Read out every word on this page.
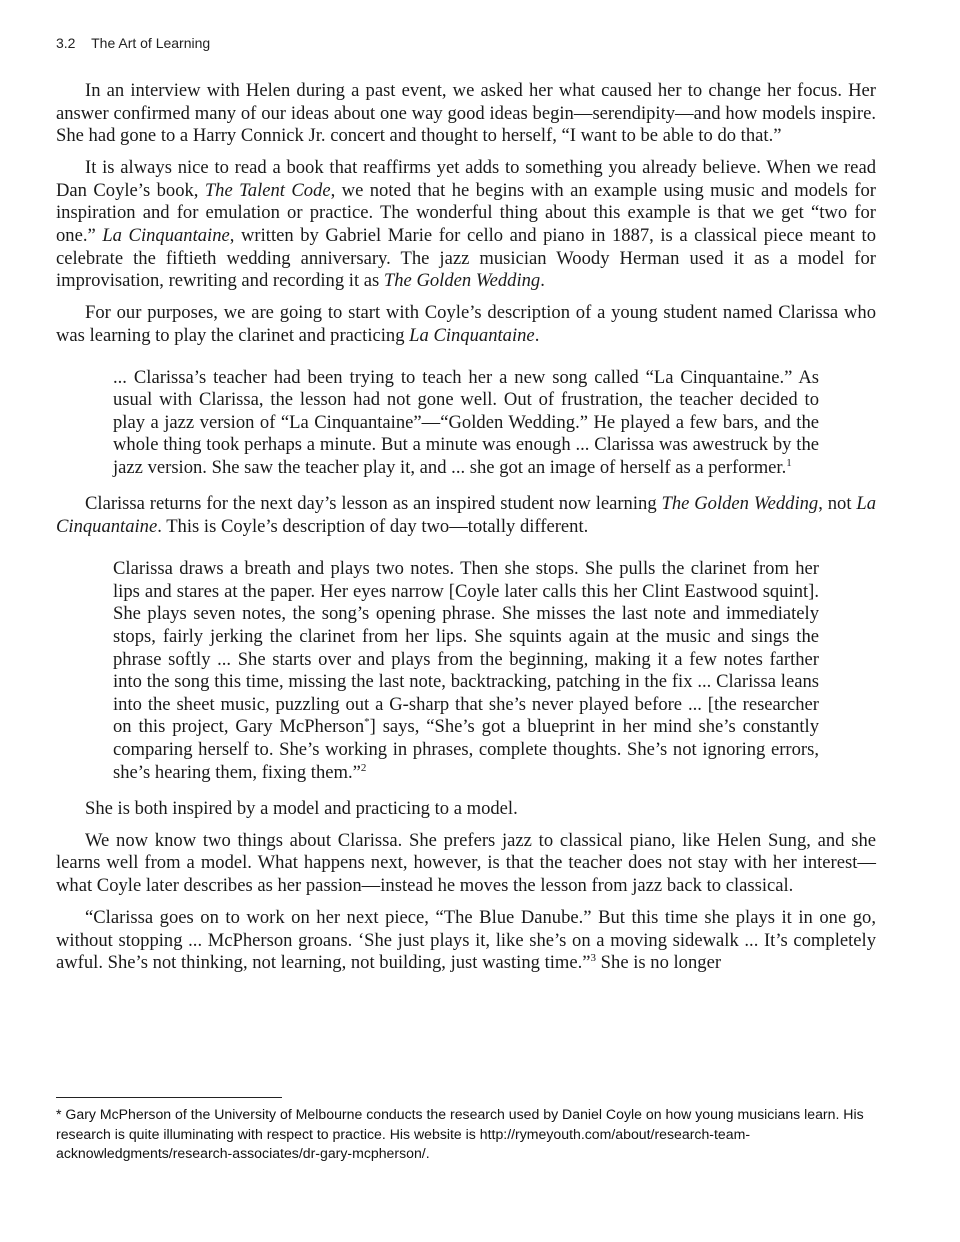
3.2 The Art of Learning

In an interview with Helen during a past event, we asked her what caused her to change her focus. Her answer confirmed many of our ideas about one way good ideas begin—serendipity—and how models inspire. She had gone to a Harry Connick Jr. concert and thought to herself, “I want to be able to do that.”

It is always nice to read a book that reaffirms yet adds to something you already believe. When we read Dan Coyle’s book, The Talent Code, we noted that he begins with an example using music and models for inspiration and for emulation or practice. The wonderful thing about this example is that we get “two for one.” La Cinquantaine, written by Gabriel Marie for cello and piano in 1887, is a classical piece meant to celebrate the fiftieth wedding anniversary. The jazz musician Woody Herman used it as a model for improvisation, rewriting and recording it as The Golden Wedding.

For our purposes, we are going to start with Coyle’s description of a young student named Clarissa who was learning to play the clarinet and practicing La Cinquantaine.

... Clarissa’s teacher had been trying to teach her a new song called “La Cinquantaine.” As usual with Clarissa, the lesson had not gone well. Out of frustration, the teacher decided to play a jazz version of “La Cinquantaine”—“Golden Wedding.” He played a few bars, and the whole thing took perhaps a minute. But a minute was enough ... Clarissa was awestruck by the jazz version. She saw the teacher play it, and ... she got an image of herself as a performer.$^1$

Clarissa returns for the next day’s lesson as an inspired student now learning The Golden Wedding, not La Cinquantaine. This is Coyle’s description of day two—totally different.

Clarissa draws a breath and plays two notes. Then she stops. She pulls the clarinet from her lips and stares at the paper. Her eyes narrow [Coyle later calls this her Clint Eastwood squint]. She plays seven notes, the song’s opening phrase. She misses the last note and immediately stops, fairly jerking the clarinet from her lips. She squints again at the music and sings the phrase softly ... She starts over and plays from the beginning, making it a few notes farther into the song this time, missing the last note, backtracking, patching in the fix ... Clarissa leans into the sheet music, puzzling out a G-sharp that she’s never played before ... [the researcher on this project, Gary McPherson*] says, “She’s got a blueprint in her mind she’s constantly comparing herself to. She’s working in phrases, complete thoughts. She’s not ignoring errors, she’s hearing them, fixing them.”$^2$

She is both inspired by a model and practicing to a model.

We now know two things about Clarissa. She prefers jazz to classical piano, like Helen Sung, and she learns well from a model. What happens next, however, is that the teacher does not stay with her interest—what Coyle later describes as her passion—instead he moves the lesson from jazz back to classical.

“Clarissa goes on to work on her next piece, “The Blue Danube.” But this time she plays it in one go, without stopping ... McPherson groans. ‘She just plays it, like she’s on a moving sidewalk ... It’s completely awful. She’s not thinking, not learning, not building, just wasting time.”$^3$ She is no longer

* Gary McPherson of the University of Melbourne conducts the research used by Daniel Coyle on how young musicians learn. His research is quite illuminating with respect to practice. His website is http://rymeyouth.com/about/research-team-acknowledgments/research-associates/dr-gary-mcpherson/.
